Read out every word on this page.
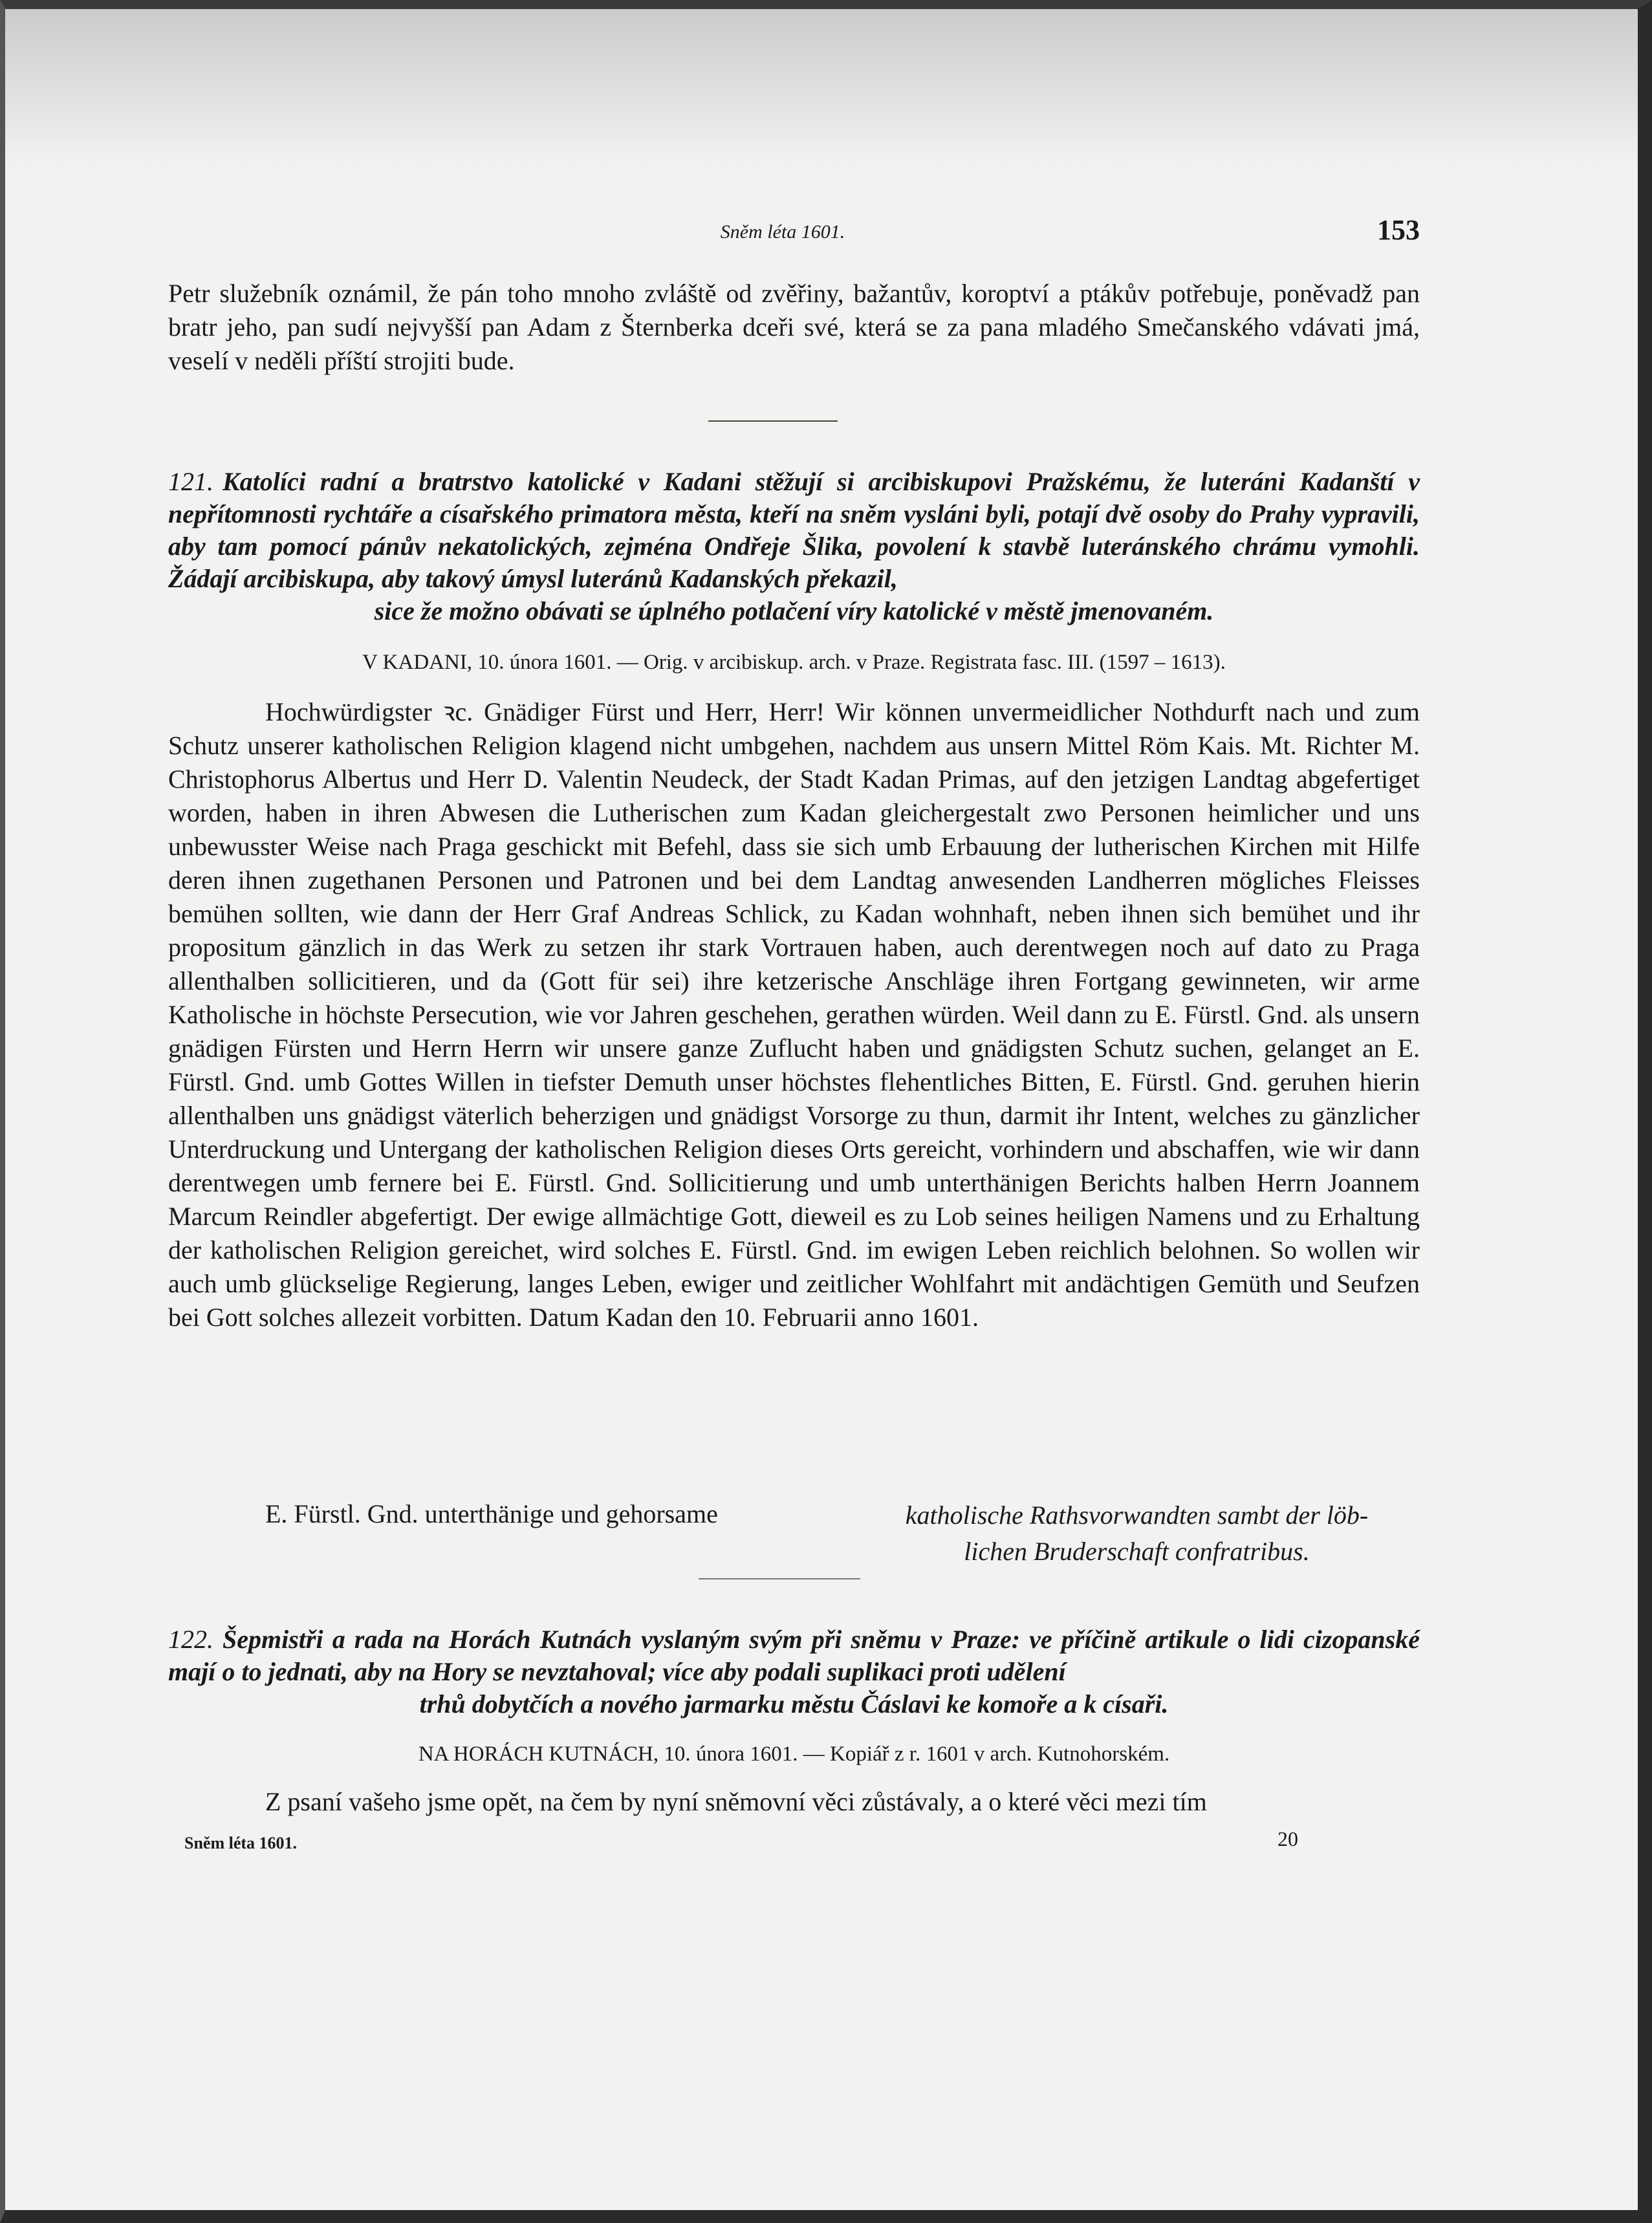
Sněm léta 1601.	153

Petr služebník oznámil, že pán toho mnoho zvláště od zvěřiny, bažantův, koroptví a ptákův potřebuje, poněvadž pan bratr jeho, pan sudí nejvyšší pan Adam z Šternberka dceři své, která se za pana mladého Smečanského vdávati jmá, veselí v neděli příští strojiti bude.

121. Katolíci radní a bratrstvo katolické v Kadani stěžují si arcibiskupovi Pražskému, že luteráni Kadanští v nepřítomnosti rychtáře a císařského primatora města, kteří na sněm vysláni byli, potají dvě osoby do Prahy vypravili, aby tam pomocí pánův nekatolických, zejména Ondřeje Šlika, povolení k stavbě luteránského chrámu vymohli. Žádají arcibiskupa, aby takový úmysl luteránů Kadanských překazil,
sice že možno obávati se úplného potlačení víry katolické v městě jmenovaném.
V KADANI, 10. února 1601. — Orig. v arcibiskup. arch. v Praze. Registrata fasc. III. (1597 – 1613).

Hochwürdigster ꝛc. Gnädiger Fürst und Herr, Herr! Wir können unvermeidlicher Nothdurft nach und zum Schutz unserer katholischen Religion klagend nicht umbgehen, nachdem aus unsern Mittel Röm Kais. Mt. Richter M. Christophorus Albertus und Herr D. Valentin Neudeck, der Stadt Kadan Primas, auf den jetzigen Landtag abgefertiget worden, haben in ihren Abwesen die Lutherischen zum Kadan gleichergestalt zwo Personen heimlicher und uns unbewusster Weise nach Praga geschickt mit Befehl, dass sie sich umb Erbauung der lutherischen Kirchen mit Hilfe deren ihnen zugethanen Personen und Patronen und bei dem Landtag anwesenden Landherren mögliches Fleisses bemühen sollten, wie dann der Herr Graf Andreas Schlick, zu Kadan wohnhaft, neben ihnen sich bemühet und ihr propositum gänzlich in das Werk zu setzen ihr stark Vortrauen haben, auch derentwegen noch auf dato zu Praga allenthalben sollicitieren, und da (Gott für sei) ihre ketzerische Anschläge ihren Fortgang gewinneten, wir arme Katholische in höchste Persecution, wie vor Jahren geschehen, gerathen würden. Weil dann zu E. Fürstl. Gnd. als unsern gnädigen Fürsten und Herrn Herrn wir unsere ganze Zuflucht haben und gnädigsten Schutz suchen, gelanget an E. Fürstl. Gnd. umb Gottes Willen in tiefster Demuth unser höchstes flehentliches Bitten, E. Fürstl. Gnd. geruhen hierin allenthalben uns gnädigst väterlich beherzigen und gnädigst Vorsorge zu thun, darmit ihr Intent, welches zu gänzlicher Unterdruckung und Untergang der katholischen Religion dieses Orts gereicht, vorhindern und abschaffen, wie wir dann derentwegen umb fernere bei E. Fürstl. Gnd. Sollicitierung und umb unterthänigen Berichts halben Herrn Joannem Marcum Reindler abgefertigt. Der ewige allmächtige Gott, dieweil es zu Lob seines heiligen Namens und zu Erhaltung der katholischen Religion gereichet, wird solches E. Fürstl. Gnd. im ewigen Leben reichlich belohnen. So wollen wir auch umb glückselige Regierung, langes Leben, ewiger und zeitlicher Wohlfahrt mit andächtigen Gemüth und Seufzen bei Gott solches allezeit vorbitten. Datum Kadan den 10. Februarii anno 1601.

E. Fürstl. Gnd. unterthänige und gehorsame	katholische Rathsvorwandten sambt der löb-
lichen Bruderschaft confratribus.
122. Šepmistři a rada na Horách Kutnách vyslaným svým při sněmu v Praze: ve příčině artikule o lidi cizopanské mají o to jednati, aby na Hory se nevztahoval; více aby podali suplikaci proti udělení
trhů dobytčích a nového jarmarku městu Čáslavi ke komoře a k císaři.
NA HORÁCH KUTNÁCH, 10. února 1601. — Kopiář z r. 1601 v arch. Kutnohorském.

Z psaní vašeho jsme opět, na čem by nyní sněmovní věci zůstávaly, a o které věci mezi tím

Sněm léta 1601.	20
